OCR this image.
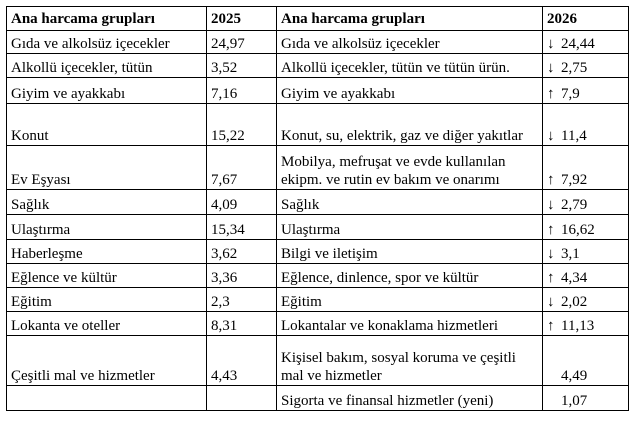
Ana harcama grupları	2025	Ana harcama grupları	2026
Gıda ve alkolsüz içecekler	24,97	Gıda ve alkolsüz içecekler	↓ 24,44
Alkollü içecekler, tütün	3,52	Alkollü içecekler, tütün ve tütün ürün.	↓ 2,75
Giyim ve ayakkabı	7,16	Giyim ve ayakkabı	↑ 7,9
Konut	15,22	Konut, su, elektrik, gaz ve diğer yakıtlar	↓ 11,4
Ev Eşyası	7,67	Mobilya, mefruşat ve evde kullanılan ekipm. ve rutin ev bakım ve onarımı	↑ 7,92
Sağlık	4,09	Sağlık	↓ 2,79
Ulaştırma	15,34	Ulaştırma	↑ 16,62
Haberleşme	3,62	Bilgi ve iletişim	↓ 3,1
Eğlence ve kültür	3,36	Eğlence, dinlence, spor ve kültür	↑ 4,34
Eğitim	2,3	Eğitim	↓ 2,02
Lokanta ve oteller	8,31	Lokantalar ve konaklama hizmetleri	↑ 11,13
Çeşitli mal ve hizmetler	4,43	Kişisel bakım, sosyal koruma ve çeşitli mal ve hizmetler	4,49
		Sigorta ve finansal hizmetler (yeni)	1,07
